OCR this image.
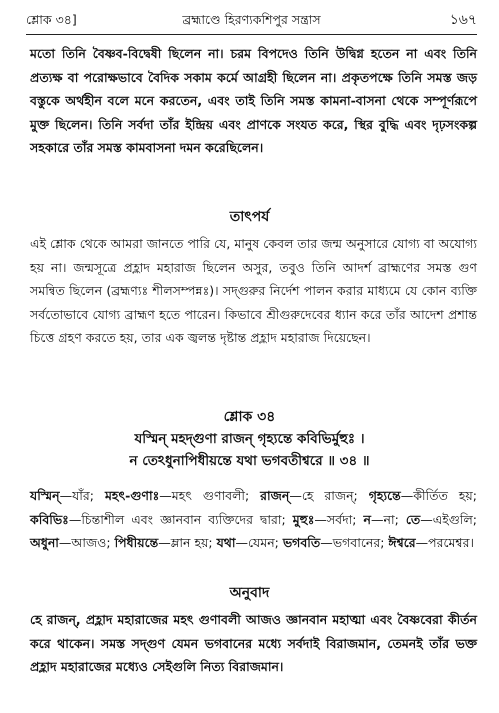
শ্লোক ৩৪]	ব্রহ্মাণ্ডে হিরণ্যকশিপুর সন্ত্রাস	১৬৭

মতো তিনি বৈষ্ণব-বিদ্বেষী ছিলেন না। চরম বিপদেও তিনি উদ্বিগ্ন হতেন না এবং তিনি প্রত্যক্ষ বা পরোক্ষভাবে বৈদিক সকাম কর্মে আগ্রহী ছিলেন না। প্রকৃতপক্ষে তিনি সমস্ত জড় বস্তুকে অর্থহীন বলে মনে করতেন, এবং তাই তিনি সমস্ত কামনা-বাসনা থেকে সম্পূর্ণরূপে মুক্ত ছিলেন। তিনি সর্বদা তাঁর ইন্দ্রিয় এবং প্রাণকে সংযত করে, স্থির বুদ্ধি এবং দৃঢ়সংকল্প সহকারে তাঁর সমস্ত কামবাসনা দমন করেছিলেন।

তাৎপর্য

এই শ্লোক থেকে আমরা জানতে পারি যে, মানুষ কেবল তার জন্ম অনুসারে যোগ্য বা অযোগ্য হয় না। জন্মসূত্রে প্রহ্লাদ মহারাজ ছিলেন অসুর, তবুও তিনি আদর্শ ব্রাহ্মণের সমস্ত গুণ সমন্বিত ছিলেন (ব্রহ্মণ্যঃ শীলসম্পন্নঃ)। সদ্গুরুর নির্দেশ পালন করার মাধ্যমে যে কোন ব্যক্তি সর্বতোভাবে যোগ্য ব্রাহ্মণ হতে পারেন। কিভাবে শ্রীগুরুদেবের ধ্যান করে তাঁর আদেশ প্রশান্ত চিত্তে গ্রহণ করতে হয়, তার এক জ্বলন্ত দৃষ্টান্ত প্রহ্লাদ মহারাজ দিয়েছেন।

শ্লোক ৩৪
যস্মিন্ মহদ্গুণা রাজন্ গৃহ্যন্তে কবিভির্মুহুঃ ।
ন তেঽধুনাপিধীয়ন্তে যথা ভগবতীশ্বরে ॥ ৩৪ ॥

যস্মিন্—যাঁর; মহৎ-গুণাঃ—মহৎ গুণাবলী; রাজন্—হে রাজন্; গৃহ্যন্তে—কীর্তিত হয়; কবিভিঃ—চিন্তাশীল এবং জ্ঞানবান ব্যক্তিদের দ্বারা; মুহুঃ—সর্বদা; ন—না; তে—এইগুলি; অধুনা—আজও; পিধীয়ন্তে—ম্লান হয়; যথা—যেমন; ভগবতি—ভগবানের; ঈশ্বরে—পরমেশ্বর।

অনুবাদ

হে রাজন্, প্রহ্লাদ মহারাজের মহৎ গুণাবলী আজও জ্ঞানবান মহাত্মা এবং বৈষ্ণবেরা কীর্তন করে থাকেন। সমস্ত সদ্গুণ যেমন ভগবানের মধ্যে সর্বদাই বিরাজমান, তেমনই তাঁর ভক্ত প্রহ্লাদ মহারাজের মধ্যেও সেইগুলি নিত্য বিরাজমান।
